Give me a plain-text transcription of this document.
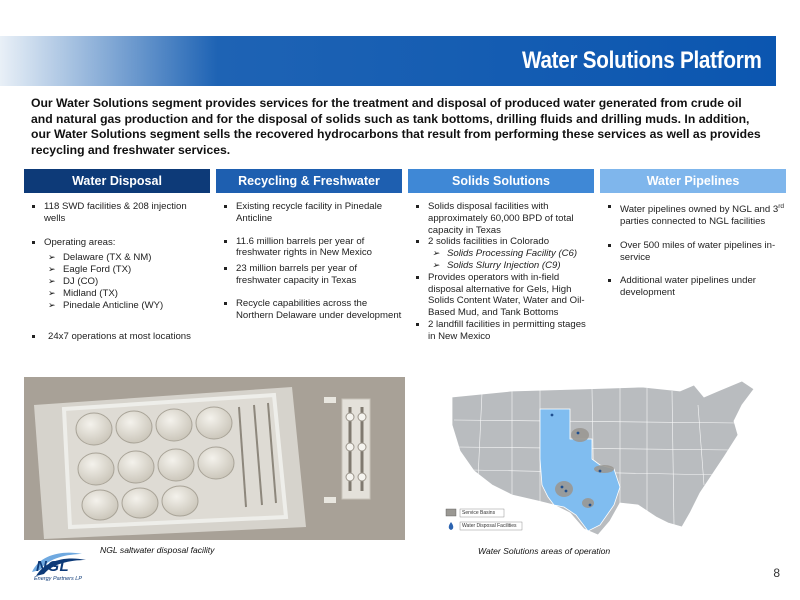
Water Solutions Platform
Our Water Solutions segment provides services for the treatment and disposal of produced water generated from crude oil and natural gas production and for the disposal of solids such as tank bottoms, drilling fluids and drilling muds. In addition, our Water Solutions segment sells the recovered hydrocarbons that result from performing these services as well as provides recycling and freshwater services.
Water Disposal	Recycling & Freshwater	Solids Solutions	Water Pipelines
118 SWD facilities & 208 injection wells
Operating areas:
➢ Delaware (TX & NM)
➢ Eagle Ford (TX)
➢ DJ (CO)
➢ Midland (TX)
➢ Pinedale Anticline (WY)
24x7 operations at most locations
Existing recycle facility in Pinedale Anticline
11.6 million barrels per year of freshwater rights in New Mexico
23 million barrels per year of freshwater capacity in Texas
Recycle capabilities across the Northern Delaware under development
Solids disposal facilities with approximately 60,000 BPD of total capacity in Texas
2 solids facilities in Colorado
➢ Solids Processing Facility (C6)
➢ Solids Slurry Injection (C9)
Provides operators with in-field disposal alternative for Gels, High Solids Content Water, Water and Oil-Based Mud, and Tank Bottoms
2 landfill facilities in permitting stages in New Mexico
Water pipelines owned by NGL and 3rd parties connected to NGL facilities
Over 500 miles of water pipelines in-service
Additional water pipelines under development
NGL saltwater disposal facility
Service Basins
Water Disposal Facilities
Water Solutions areas of operation
NGL
Energy Partners LP	8
